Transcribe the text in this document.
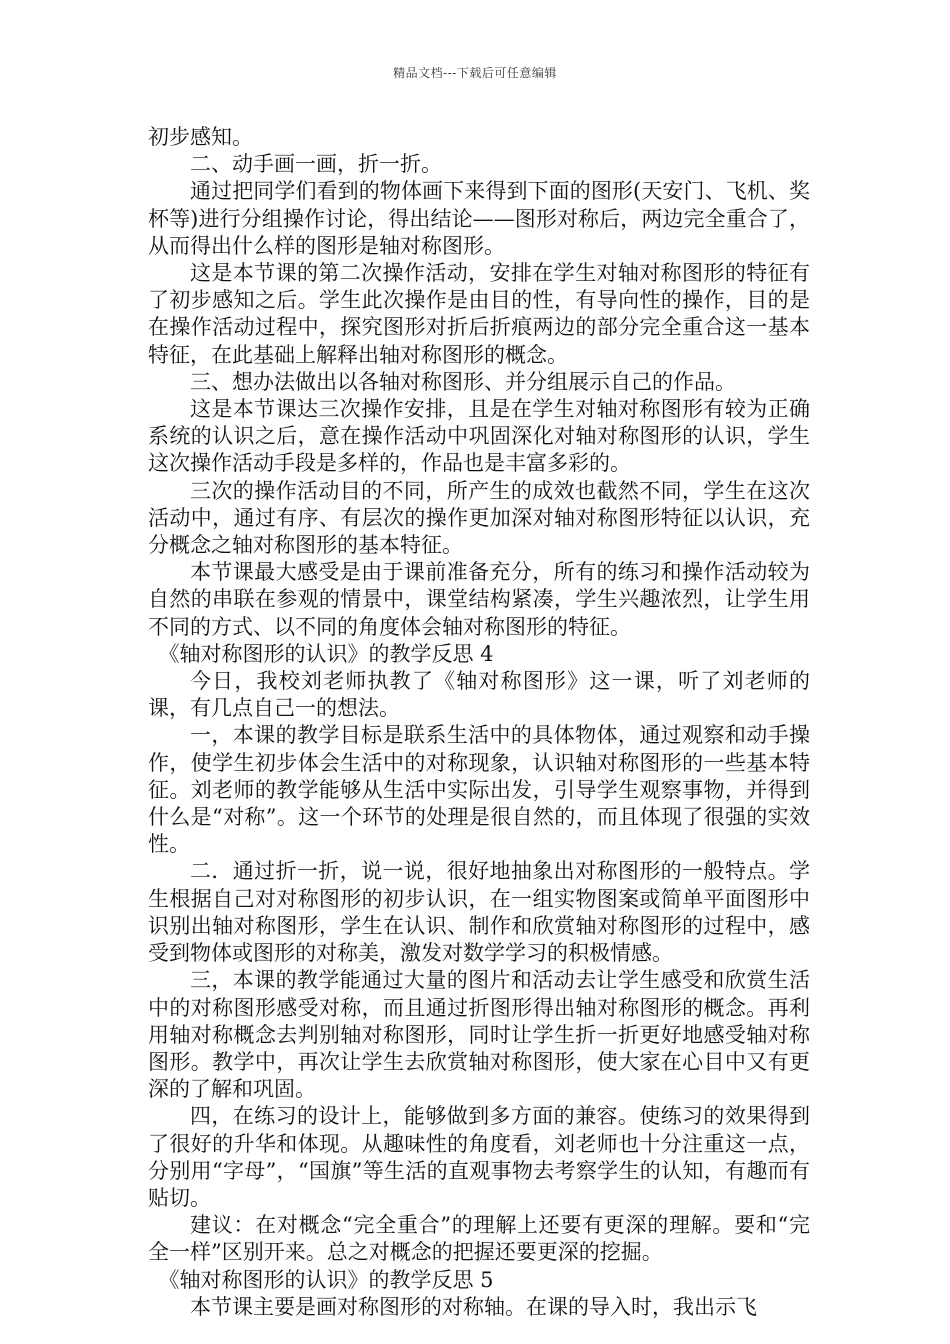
精品文档---下载后可任意编辑

初步感知。

二、动手画一画，折一折。

通过把同学们看到的物体画下来得到下面的图形(天安门、飞机、奖杯等)进行分组操作讨论，得出结论——图形对称后，两边完全重合了，从而得出什么样的图形是轴对称图形。

这是本节课的第二次操作活动，安排在学生对轴对称图形的特征有了初步感知之后。学生此次操作是由目的性，有导向性的操作，目的是在操作活动过程中，探究图形对折后折痕两边的部分完全重合这一基本特征，在此基础上解释出轴对称图形的概念。

三、想办法做出以各轴对称图形、并分组展示自己的作品。

这是本节课达三次操作安排，且是在学生对轴对称图形有较为正确系统的认识之后，意在操作活动中巩固深化对轴对称图形的认识，学生这次操作活动手段是多样的，作品也是丰富多彩的。

三次的操作活动目的不同，所产生的成效也截然不同，学生在这次活动中，通过有序、有层次的操作更加深对轴对称图形特征以认识，充分概念之轴对称图形的基本特征。

本节课最大感受是由于课前准备充分，所有的练习和操作活动较为自然的串联在参观的情景中，课堂结构紧凑，学生兴趣浓烈，让学生用不同的方式、以不同的角度体会轴对称图形的特征。

《轴对称图形的认识》的教学反思 4

今日，我校刘老师执教了《轴对称图形》这一课，听了刘老师的课，有几点自己一的想法。

一，本课的教学目标是联系生活中的具体物体，通过观察和动手操作，使学生初步体会生活中的对称现象，认识轴对称图形的一些基本特征。刘老师的教学能够从生活中实际出发，引导学生观察事物，并得到什么是“对称”。这一个环节的处理是很自然的，而且体现了很强的实效性。

二．通过折一折，说一说，很好地抽象出对称图形的一般特点。学生根据自己对对称图形的初步认识，在一组实物图案或简单平面图形中识别出轴对称图形，学生在认识、制作和欣赏轴对称图形的过程中，感受到物体或图形的对称美，激发对数学学习的积极情感。

三，本课的教学能通过大量的图片和活动去让学生感受和欣赏生活中的对称图形感受对称，而且通过折图形得出轴对称图形的概念。再利用轴对称概念去判别轴对称图形，同时让学生折一折更好地感受轴对称图形。教学中，再次让学生去欣赏轴对称图形，使大家在心目中又有更深的了解和巩固。

四，在练习的设计上，能够做到多方面的兼容。使练习的效果得到了很好的升华和体现。从趣味性的角度看，刘老师也十分注重这一点，分别用“字母”，“国旗”等生活的直观事物去考察学生的认知，有趣而有贴切。

建议：在对概念“完全重合”的理解上还要有更深的理解。要和“完全一样”区别开来。总之对概念的把握还要更深的挖掘。

《轴对称图形的认识》的教学反思 5

本节课主要是画对称图形的对称轴。在课的导入时，我出示飞
